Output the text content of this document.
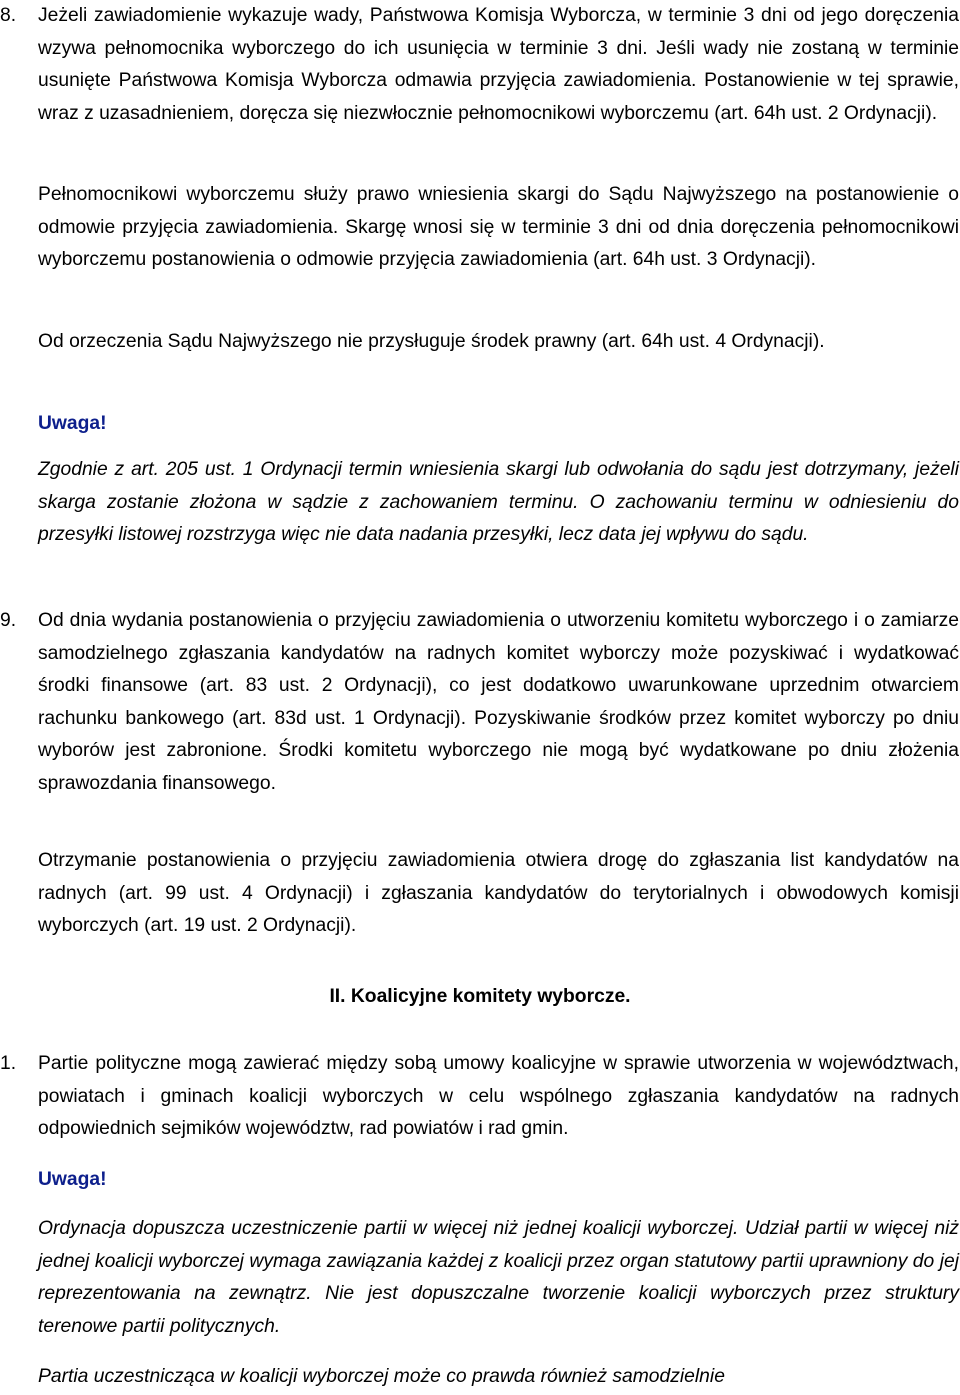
8. Jeżeli zawiadomienie wykazuje wady, Państwowa Komisja Wyborcza, w terminie 3 dni od jego doręczenia wzywa pełnomocnika wyborczego do ich usunięcia w terminie 3 dni. Jeśli wady nie zostaną w terminie usunięte Państwowa Komisja Wyborcza odmawia przyjęcia zawiadomienia. Postanowienie w tej sprawie, wraz z uzasadnieniem, doręcza się niezwłocznie pełnomocnikowi wyborczemu (art. 64h ust. 2 Ordynacji).

Pełnomocnikowi wyborczemu służy prawo wniesienia skargi do Sądu Najwyższego na postanowienie o odmowie przyjęcia zawiadomienia. Skargę wnosi się w terminie 3 dni od dnia doręczenia pełnomocnikowi wyborczemu postanowienia o odmowie przyjęcia zawiadomienia (art. 64h ust. 3 Ordynacji).

Od orzeczenia Sądu Najwyższego nie przysługuje środek prawny (art. 64h ust. 4 Ordynacji).

Uwaga!

Zgodnie z art. 205 ust. 1 Ordynacji termin wniesienia skargi lub odwołania do sądu jest dotrzymany, jeżeli skarga zostanie złożona w sądzie z zachowaniem terminu. O zachowaniu terminu w odniesieniu do przesyłki listowej rozstrzyga więc nie data nadania przesyłki, lecz data jej wpływu do sądu.

9. Od dnia wydania postanowienia o przyjęciu zawiadomienia o utworzeniu komitetu wyborczego i o zamiarze samodzielnego zgłaszania kandydatów na radnych komitet wyborczy może pozyskiwać i wydatkować środki finansowe (art. 83 ust. 2 Ordynacji), co jest dodatkowo uwarunkowane uprzednim otwarciem rachunku bankowego (art. 83d ust. 1 Ordynacji). Pozyskiwanie środków przez komitet wyborczy po dniu wyborów jest zabronione. Środki komitetu wyborczego nie mogą być wydatkowane po dniu złożenia sprawozdania finansowego.

Otrzymanie postanowienia o przyjęciu zawiadomienia otwiera drogę do zgłaszania list kandydatów na radnych (art. 99 ust. 4 Ordynacji) i zgłaszania kandydatów do terytorialnych i obwodowych komisji wyborczych (art. 19 ust. 2 Ordynacji).

II. Koalicyjne komitety wyborcze.
1. Partie polityczne mogą zawierać między sobą umowy koalicyjne w sprawie utworzenia w województwach, powiatach i gminach koalicji wyborczych w celu wspólnego zgłaszania kandydatów na radnych odpowiednich sejmików województw, rad powiatów i rad gmin.

Uwaga!

Ordynacja dopuszcza uczestniczenie partii w więcej niż jednej koalicji wyborczej. Udział partii w więcej niż jednej koalicji wyborczej wymaga zawiązania każdej z koalicji przez organ statutowy partii uprawniony do jej reprezentowania na zewnątrz. Nie jest dopuszczalne tworzenie koalicji wyborczych przez struktury terenowe partii politycznych.

Partia uczestnicząca w koalicji wyborczej może co prawda również samodzielnie
